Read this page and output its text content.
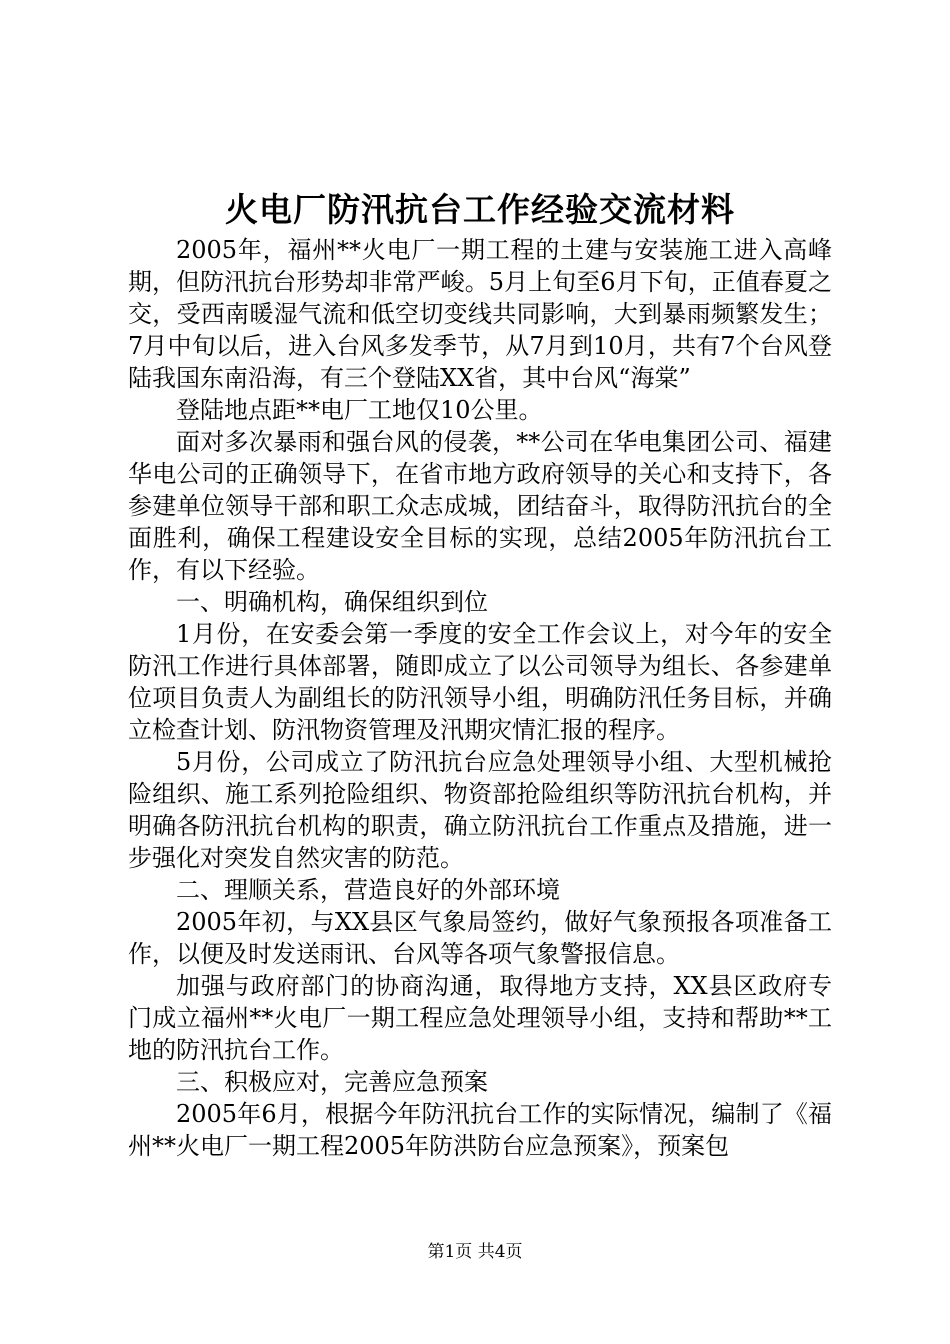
火电厂防汛抗台工作经验交流材料

2005年，福州**火电厂一期工程的土建与安装施工进入高峰期，但防汛抗台形势却非常严峻。5月上旬至6月下旬，正值春夏之交，受西南暖湿气流和低空切变线共同影响，大到暴雨频繁发生；7月中旬以后，进入台风多发季节，从7月到10月，共有7个台风登陆我国东南沿海，有三个登陆XX省，其中台风“海棠”

登陆地点距**电厂工地仅10公里。

面对多次暴雨和强台风的侵袭，**公司在华电集团公司、福建华电公司的正确领导下，在省市地方政府领导的关心和支持下，各参建单位领导干部和职工众志成城，团结奋斗，取得防汛抗台的全面胜利，确保工程建设安全目标的实现，总结2005年防汛抗台工作，有以下经验。

一、明确机构，确保组织到位

1月份，在安委会第一季度的安全工作会议上，对今年的安全防汛工作进行具体部署，随即成立了以公司领导为组长、各参建单位项目负责人为副组长的防汛领导小组，明确防汛任务目标，并确立检查计划、防汛物资管理及汛期灾情汇报的程序。

5月份，公司成立了防汛抗台应急处理领导小组、大型机械抢险组织、施工系列抢险组织、物资部抢险组织等防汛抗台机构，并明确各防汛抗台机构的职责，确立防汛抗台工作重点及措施，进一步强化对突发自然灾害的防范。

二、理顺关系，营造良好的外部环境

2005年初，与XX县区气象局签约，做好气象预报各项准备工作，以便及时发送雨讯、台风等各项气象警报信息。

加强与政府部门的协商沟通，取得地方支持，XX县区政府专门成立福州**火电厂一期工程应急处理领导小组，支持和帮助**工地的防汛抗台工作。

三、积极应对，完善应急预案

2005年6月，根据今年防汛抗台工作的实际情况，编制了《福州**火电厂一期工程2005年防洪防台应急预案》，预案包

第1页 共4页
